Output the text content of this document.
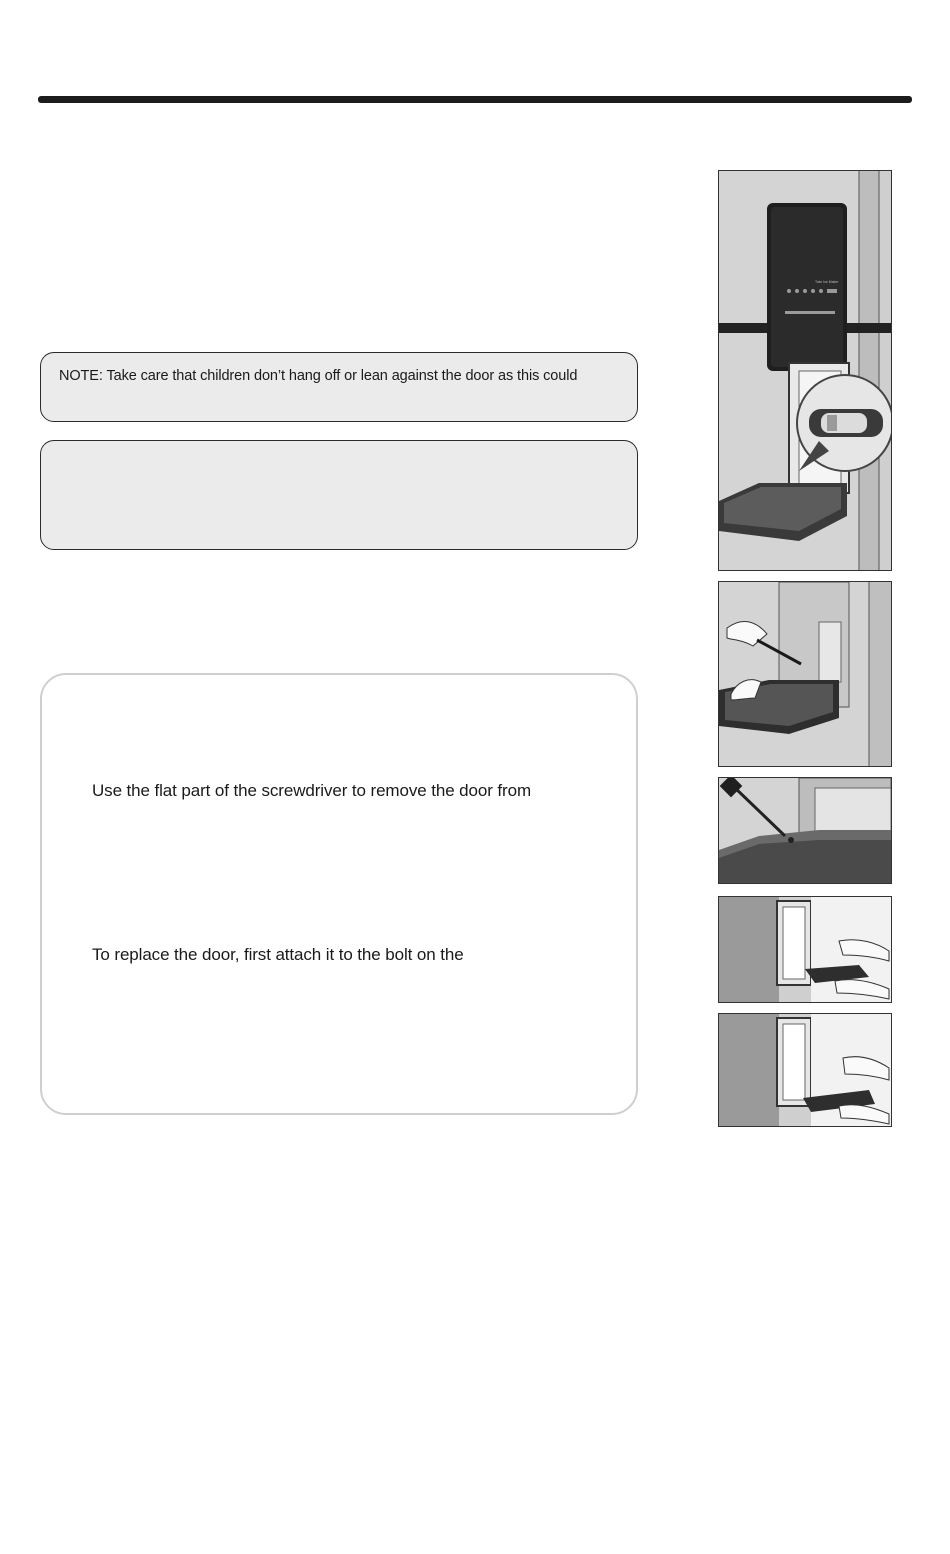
NOTE: Take care that children don’t hang off or lean against the door as this could
Use the flat part of the screwdriver to remove the door from
To replace the door, first attach it to the bolt on the
Twin Ice Maker
